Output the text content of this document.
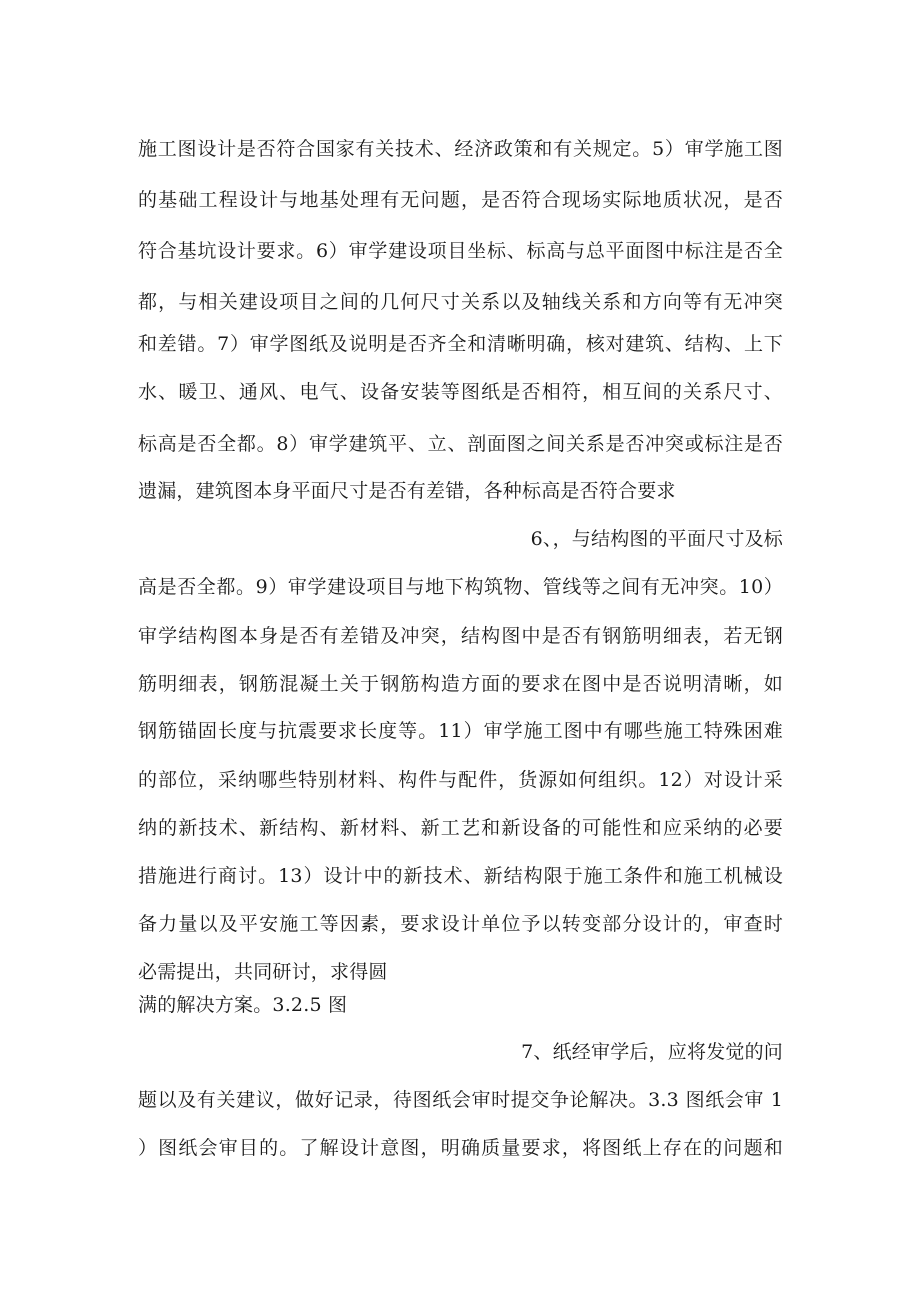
施工图设计是否符合国家有关技术、经济政策和有关规定。5）审学施工图
的基础工程设计与地基处理有无问题，是否符合现场实际地质状况，是否
符合基坑设计要求。6）审学建设项目坐标、标高与总平面图中标注是否全
都，与相关建设项目之间的几何尺寸关系以及轴线关系和方向等有无冲突
和差错。7）审学图纸及说明是否齐全和清晰明确，核对建筑、结构、上下
水、暖卫、通风、电气、设备安装等图纸是否相符，相互间的关系尺寸、
标高是否全都。8）审学建筑平、立、剖面图之间关系是否冲突或标注是否
遗漏，建筑图本身平面尺寸是否有差错，各种标高是否符合要求
6、，与结构图的平面尺寸及标
高是否全都。9）审学建设项目与地下构筑物、管线等之间有无冲突。10）
审学结构图本身是否有差错及冲突，结构图中是否有钢筋明细表，若无钢
筋明细表，钢筋混凝土关于钢筋构造方面的要求在图中是否说明清晰，如
钢筋锚固长度与抗震要求长度等。11）审学施工图中有哪些施工特殊困难
的部位，采纳哪些特别材料、构件与配件，货源如何组织。12）对设计采
纳的新技术、新结构、新材料、新工艺和新设备的可能性和应采纳的必要
措施进行商讨。13）设计中的新技术、新结构限于施工条件和施工机械设
备力量以及平安施工等因素，要求设计单位予以转变部分设计的，审查时
必需提出，共同研讨，求得圆
满的解决方案。3.2.5 图
7、纸经审学后，应将发觉的问
题以及有关建议，做好记录，待图纸会审时提交争论解决。3.3 图纸会审 1
）图纸会审目的。了解设计意图，明确质量要求，将图纸上存在的问题和
